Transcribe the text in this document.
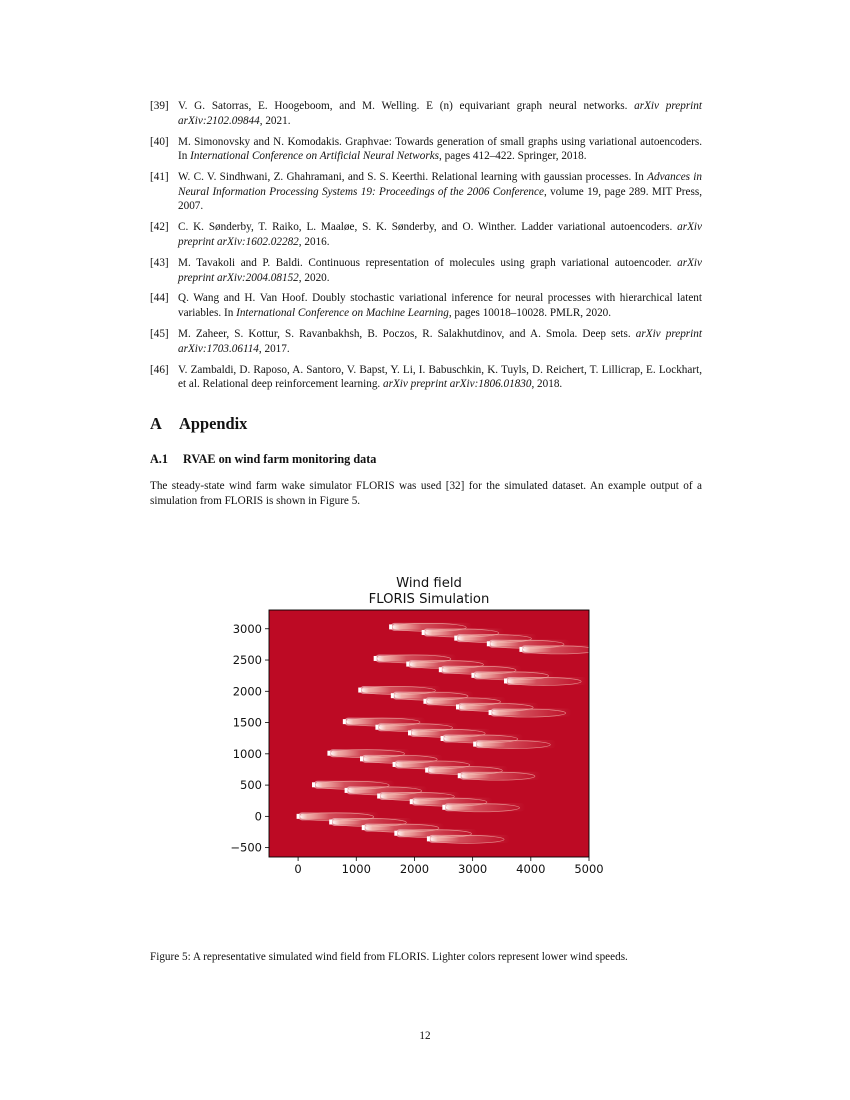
[39] V. G. Satorras, E. Hoogeboom, and M. Welling. E (n) equivariant graph neural networks. arXiv preprint arXiv:2102.09844, 2021.
[40] M. Simonovsky and N. Komodakis. Graphvae: Towards generation of small graphs using variational autoencoders. In International Conference on Artificial Neural Networks, pages 412–422. Springer, 2018.
[41] W. C. V. Sindhwani, Z. Ghahramani, and S. S. Keerthi. Relational learning with gaussian processes. In Advances in Neural Information Processing Systems 19: Proceedings of the 2006 Conference, volume 19, page 289. MIT Press, 2007.
[42] C. K. Sønderby, T. Raiko, L. Maaløe, S. K. Sønderby, and O. Winther. Ladder variational autoencoders. arXiv preprint arXiv:1602.02282, 2016.
[43] M. Tavakoli and P. Baldi. Continuous representation of molecules using graph variational autoencoder. arXiv preprint arXiv:2004.08152, 2020.
[44] Q. Wang and H. Van Hoof. Doubly stochastic variational inference for neural processes with hierarchical latent variables. In International Conference on Machine Learning, pages 10018–10028. PMLR, 2020.
[45] M. Zaheer, S. Kottur, S. Ravanbakhsh, B. Poczos, R. Salakhutdinov, and A. Smola. Deep sets. arXiv preprint arXiv:1703.06114, 2017.
[46] V. Zambaldi, D. Raposo, A. Santoro, V. Bapst, Y. Li, I. Babuschkin, K. Tuyls, D. Reichert, T. Lillicrap, E. Lockhart, et al. Relational deep reinforcement learning. arXiv preprint arXiv:1806.01830, 2018.
A Appendix
A.1 RVAE on wind farm monitoring data

The steady-state wind farm wake simulator FLORIS was used [32] for the simulated dataset. An example output of a simulation from FLORIS is shown in Figure 5.

0	1000	2000	3000	4000	5000
−500
0
500
1000
1500
2000
2500
3000
Wind field
FLORIS Simulation

Figure 5: A representative simulated wind field from FLORIS. Lighter colors represent lower wind speeds.

12
